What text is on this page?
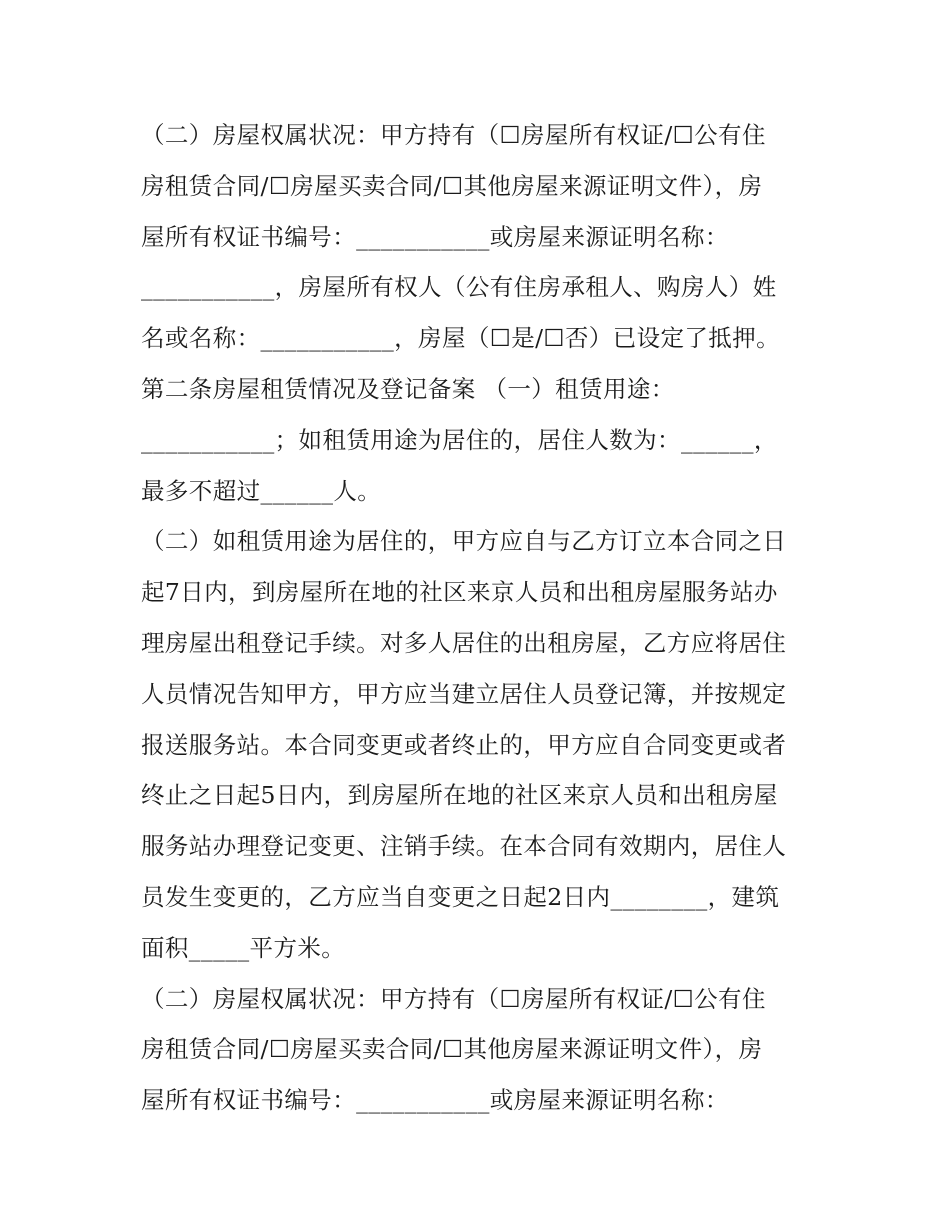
（二）房屋权属状况：甲方持有（☐房屋所有权证/☐公有住
房租赁合同/☐房屋买卖合同/☐其他房屋来源证明文件），房
屋所有权证书编号：___________或房屋来源证明名称：
___________，房屋所有权人（公有住房承租人、购房人）姓
名或名称：___________，房屋（☐是/☐否）已设定了抵押。
第二条房屋租赁情况及登记备案 （一）租赁用途：
___________；如租赁用途为居住的，居住人数为：______，
最多不超过______人。
（二）如租赁用途为居住的，甲方应自与乙方订立本合同之日
起7日内，到房屋所在地的社区来京人员和出租房屋服务站办
理房屋出租登记手续。对多人居住的出租房屋，乙方应将居住
人员情况告知甲方，甲方应当建立居住人员登记簿，并按规定
报送服务站。本合同变更或者终止的，甲方应自合同变更或者
终止之日起5日内，到房屋所在地的社区来京人员和出租房屋
服务站办理登记变更、注销手续。在本合同有效期内，居住人
员发生变更的，乙方应当自变更之日起2日内________，建筑
面积_____平方米。
（二）房屋权属状况：甲方持有（☐房屋所有权证/☐公有住
房租赁合同/☐房屋买卖合同/☐其他房屋来源证明文件），房
屋所有权证书编号：___________或房屋来源证明名称：
